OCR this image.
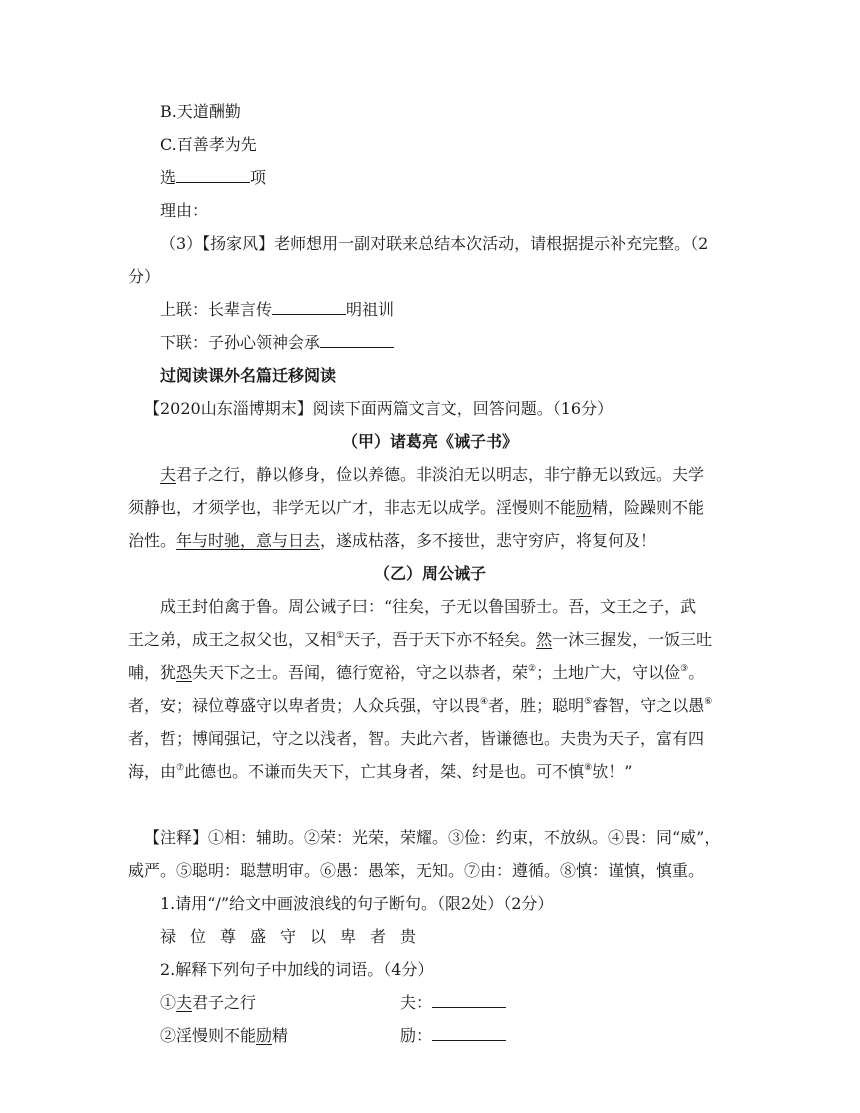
B.天道酬勤
C.百善孝为先
选	项
理由：
（3）【扬家风】老师想用一副对联来总结本次活动，请根据提示补充完整。（2
分）
上联：长辈言传	明祖训
下联：子孙心领神会承
过阅读课外名篇迁移阅读
【2020山东淄博期末】阅读下面两篇文言文，回答问题。（16分）
（甲）诸葛亮《诫子书》
夫君子之行，静以修身，俭以养德。非淡泊无以明志，非宁静无以致远。夫学
须静也，才须学也，非学无以广才，非志无以成学。淫慢则不能励精，险躁则不能
治性。年与时驰，意与日去，遂成枯落，多不接世，悲守穷庐，将复何及！
（乙）周公诫子
成王封伯禽于鲁。周公诫子曰：“往矣，子无以鲁国骄士。吾，文王之子，武
王之弟，成王之叔父也，又相①天子，吾于天下亦不轻矣。然一沐三握发，一饭三吐
哺，犹恐失天下之士。吾闻，德行宽裕，守之以恭者，荣②；土地广大，守以俭③。
者，安；禄位尊盛守以卑者贵；人众兵强，守以畏④者，胜；聪明⑤睿智，守之以愚⑥
者，哲；博闻强记，守之以浅者，智。夫此六者，皆谦德也。夫贵为天子，富有四
海，由⑦此德也。不谦而失天下，亡其身者，桀、纣是也。可不慎⑧欤！”
【注释】①相：辅助。②荣：光荣，荣耀。③俭：约束，不放纵。④畏：同“威”，
威严。⑤聪明：聪慧明审。⑥愚：愚笨，无知。⑦由：遵循。⑧慎：谨慎，慎重。
1.请用“/”给文中画波浪线的句子断句。（限2处）（2分）
禄位尊盛守以卑者贵
2.解释下列句子中加线的词语。（4分）
①夫君子之行	夫：
②淫慢则不能励精	励：
